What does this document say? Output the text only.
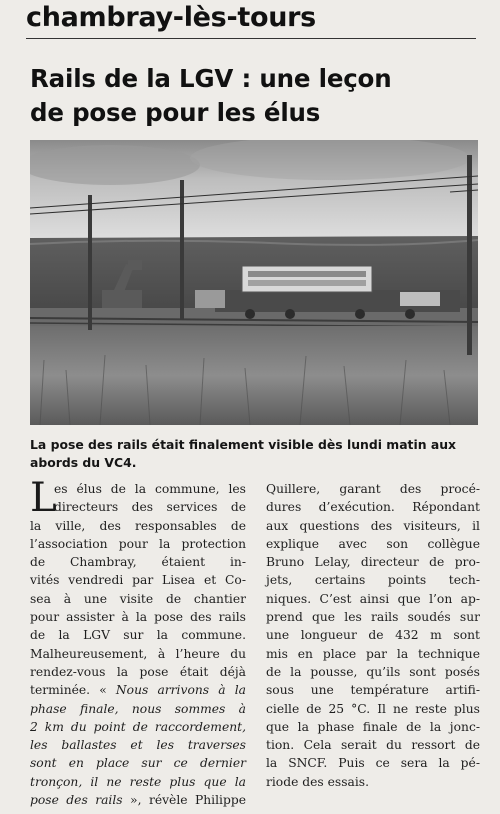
chambray-lès-tours
Rails de la LGV : une leçon
de pose pour les élus
La pose des rails était finalement visible dès lundi matin aux
abords du VC4.
L
es élus de la commune, les
directeurs des services de
la ville, des responsables de
l’association pour la protection
de Chambray, étaient in-
vités vendredi par Lisea et Co-
sea à une visite de chantier
pour assister à la pose des rails
de la LGV sur la commune.
Malheureusement, à l’heure du
rendez-vous la pose était déjà
terminée. « Nous arrivons à la
phase finale, nous sommes à
2 km du point de raccordement,
les ballastes et les traverses
sont en place sur ce dernier
tronçon, il ne reste plus que la
pose des rails », révèle Philippe
Quillere, garant des procé-
dures d’exécution. Répondant
aux questions des visiteurs, il
explique avec son collègue
Bruno Lelay, directeur de pro-
jets, certains points tech-
niques. C’est ainsi que l’on ap-
prend que les rails soudés sur
une longueur de 432 m sont
mis en place par la technique
de la pousse, qu’ils sont posés
sous une température artifi-
cielle de 25 °C. Il ne reste plus
que la phase finale de la jonc-
tion. Cela serait du ressort de
la SNCF. Puis ce sera la pé-
riode des essais.
